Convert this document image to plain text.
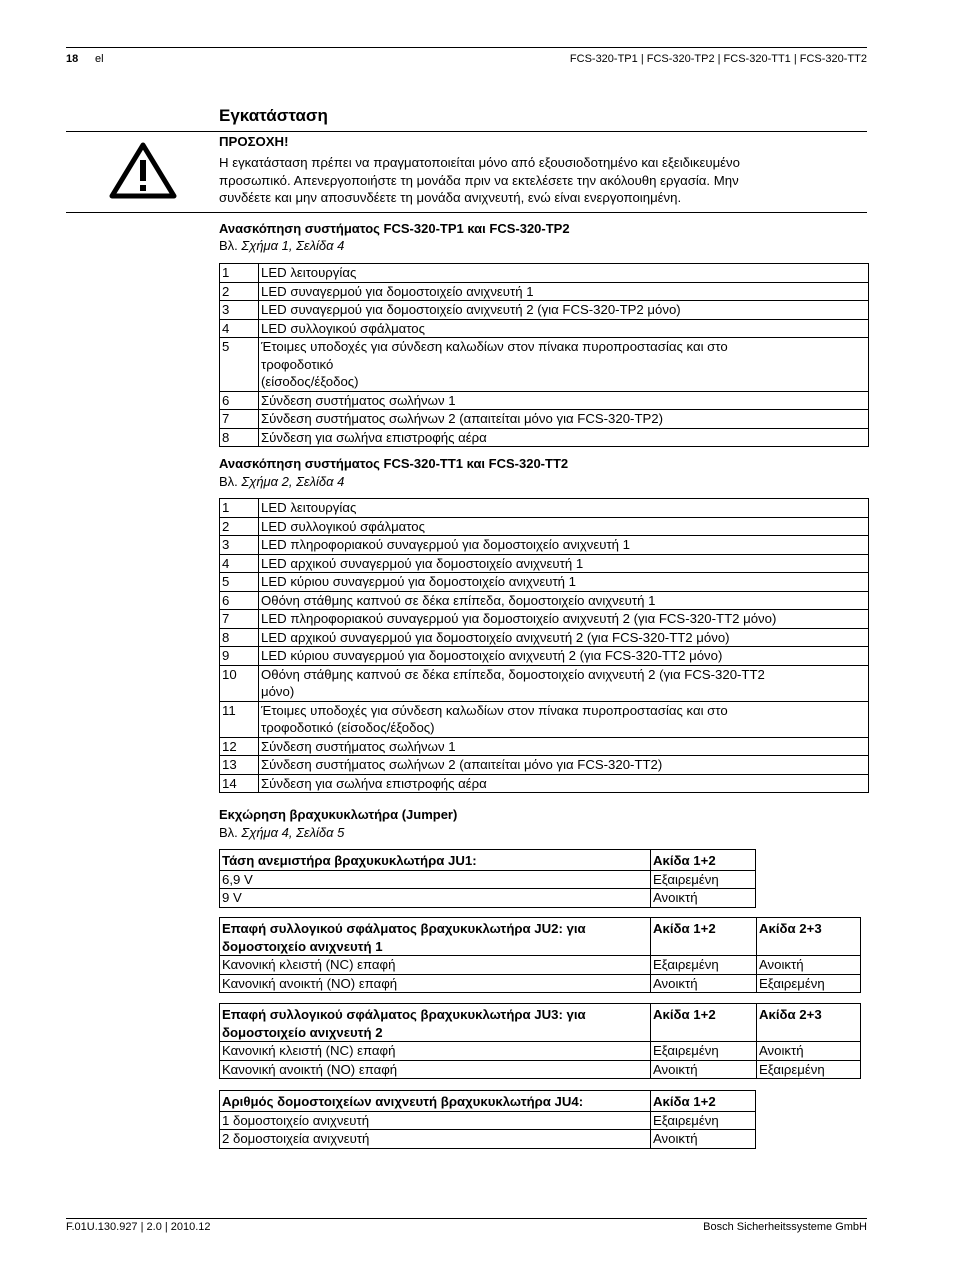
18 el	FCS-320-TP1 | FCS-320-TP2 | FCS-320-TT1 | FCS-320-TT2
Εγκατάσταση
ΠΡΟΣΟΧΗ!
Η εγκατάσταση πρέπει να πραγματοποιείται μόνο από εξουσιοδοτημένο και εξειδικευμένο
προσωπικό. Απενεργοποιήστε τη μονάδα πριν να εκτελέσετε την ακόλουθη εργασία. Μην
συνδέετε και μην αποσυνδέετε τη μονάδα ανιχνευτή, ενώ είναι ενεργοποιημένη.
Ανασκόπηση συστήματος FCS-320-TP1 και FCS-320-TP2
Βλ. Σχήμα 1, Σελίδα 4
1	LED λειτουργίας
2	LED συναγερμού για δομοστοιχείο ανιχνευτή 1
3	LED συναγερμού για δομοστοιχείο ανιχνευτή 2 (για FCS-320-TP2 μόνο)
4	LED συλλογικού σφάλματος
5	Έτοιμες υποδοχές για σύνδεση καλωδίων στον πίνακα πυροπροστασίας και στο
τροφοδοτικό
(είσοδος/έξοδος)

6	Σύνδεση συστήματος σωλήνων 1
7	Σύνδεση συστήματος σωλήνων 2 (απαιτείται μόνο για FCS-320-TP2)
8	Σύνδεση για σωλήνα επιστροφής αέρα
Ανασκόπηση συστήματος FCS-320-TT1 και FCS-320-TT2
Βλ. Σχήμα 2, Σελίδα 4
1	LED λειτουργίας
2	LED συλλογικού σφάλματος
3	LED πληροφοριακού συναγερμού για δομοστοιχείο ανιχνευτή 1
4	LED αρχικού συναγερμού για δομοστοιχείο ανιχνευτή 1
5	LED κύριου συναγερμού για δομοστοιχείο ανιχνευτή 1
6	Οθόνη στάθμης καπνού σε δέκα επίπεδα, δομοστοιχείο ανιχνευτή 1
7	LED πληροφοριακού συναγερμού για δομοστοιχείο ανιχνευτή 2 (για FCS-320-TT2 μόνο)
8	LED αρχικού συναγερμού για δομοστοιχείο ανιχνευτή 2 (για FCS-320-TT2 μόνο)
9	LED κύριου συναγερμού για δομοστοιχείο ανιχνευτή 2 (για FCS-320-TT2 μόνο)
10	Οθόνη στάθμης καπνού σε δέκα επίπεδα, δομοστοιχείο ανιχνευτή 2 (για FCS-320-TT2
μόνο)

11	Έτοιμες υποδοχές για σύνδεση καλωδίων στον πίνακα πυροπροστασίας και στο
τροφοδοτικό (είσοδος/έξοδος)

12	Σύνδεση συστήματος σωλήνων 1
13	Σύνδεση συστήματος σωλήνων 2 (απαιτείται μόνο για FCS-320-TT2)
14	Σύνδεση για σωλήνα επιστροφής αέρα
Εκχώρηση βραχυκυκλωτήρα (Jumper)
Βλ. Σχήμα 4, Σελίδα 5
Τάση ανεμιστήρα βραχυκυκλωτήρα JU1:	Ακίδα 1+2
6,9 V	Εξαιρεμένη
9 V	Ανοικτή
Επαφή συλλογικού σφάλματος βραχυκυκλωτήρα JU2: για
δομοστοιχείο ανιχνευτή 1	Ακίδα 1+2	Ακίδα 2+3
Κανονική κλειστή (NC) επαφή	Εξαιρεμένη	Ανοικτή
Κανονική ανοικτή (NO) επαφή	Ανοικτή	Εξαιρεμένη
Επαφή συλλογικού σφάλματος βραχυκυκλωτήρα JU3: για
δομοστοιχείο ανιχνευτή 2	Ακίδα 1+2	Ακίδα 2+3
Κανονική κλειστή (NC) επαφή	Εξαιρεμένη	Ανοικτή
Κανονική ανοικτή (NO) επαφή	Ανοικτή	Εξαιρεμένη
Αριθμός δομοστοιχείων ανιχνευτή βραχυκυκλωτήρα JU4:	Ακίδα 1+2
1 δομοστοιχείο ανιχνευτή	Εξαιρεμένη
2 δομοστοιχεία ανιχνευτή	Ανοικτή
F.01U.130.927 | 2.0 | 2010.12	Bosch Sicherheitssysteme GmbH
